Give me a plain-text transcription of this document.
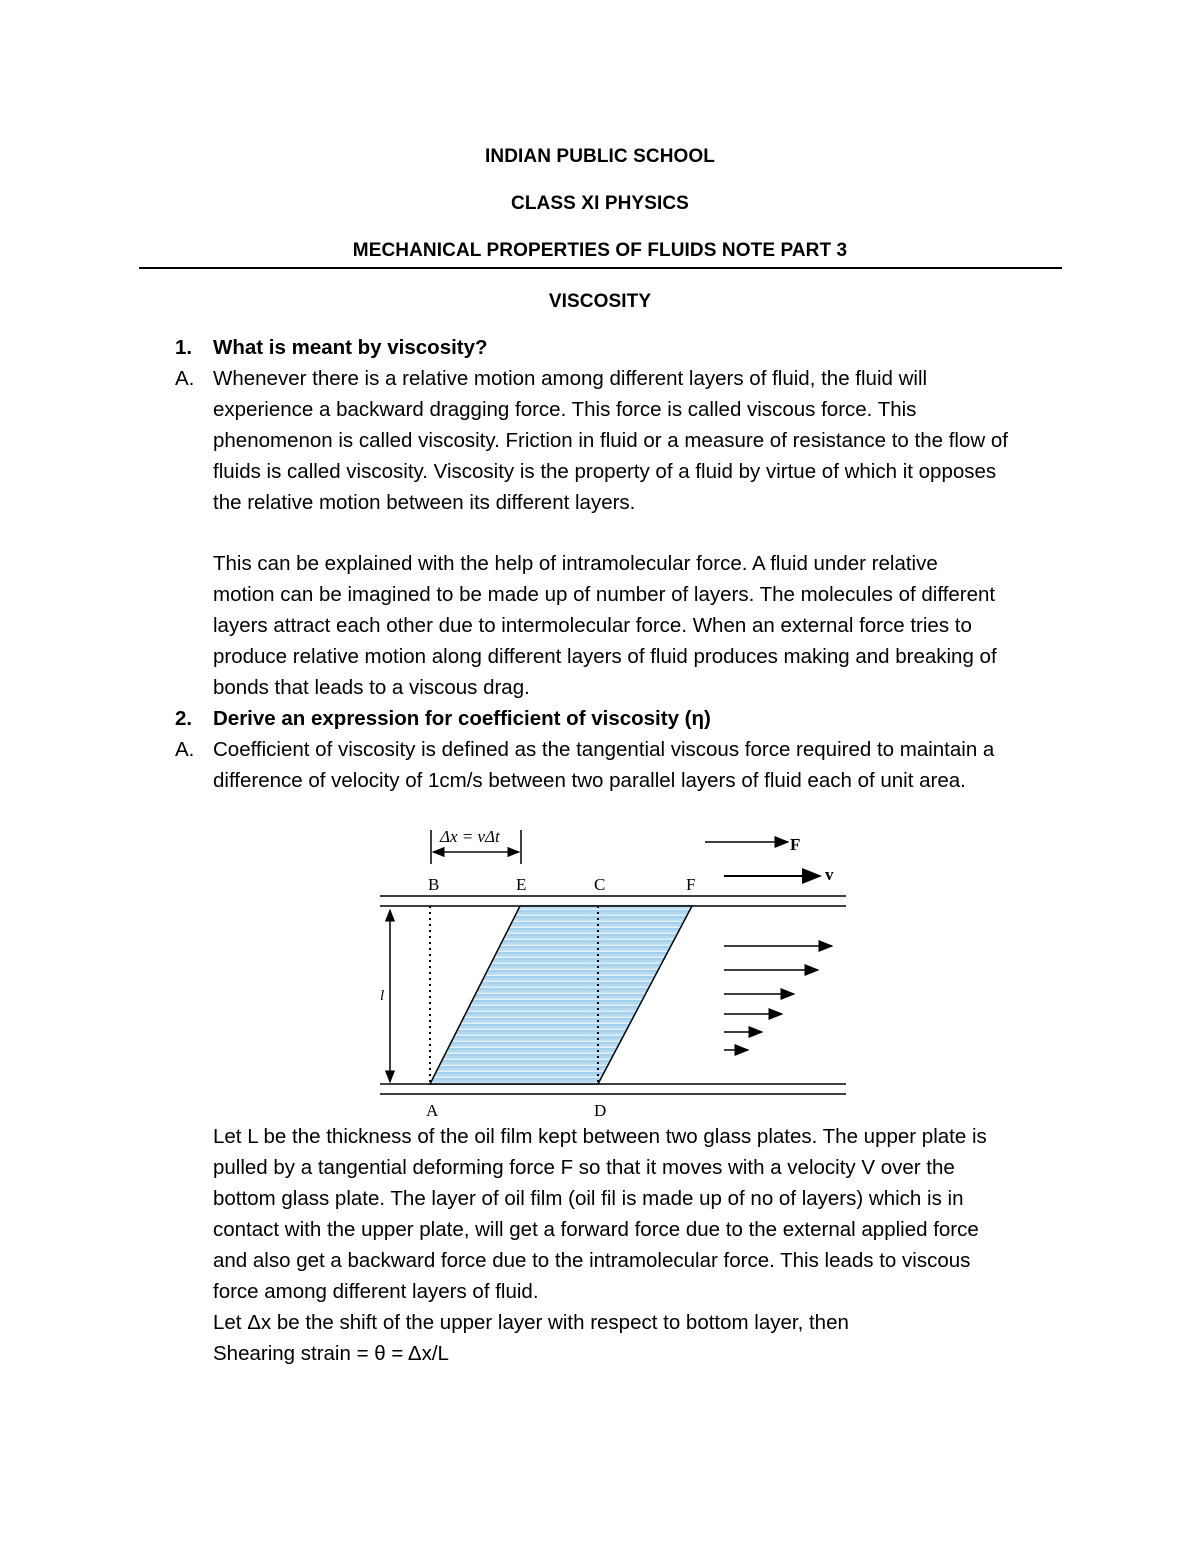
INDIAN PUBLIC SCHOOL
CLASS XI PHYSICS
MECHANICAL PROPERTIES OF FLUIDS NOTE PART 3
VISCOSITY
1. What is meant by viscosity?
A. Whenever there is a relative motion among different layers of fluid, the fluid will
experience a backward dragging force. This force is called viscous force. This
phenomenon is called viscosity. Friction in fluid or a measure of resistance to the flow of
fluids is called viscosity. Viscosity is the property of a fluid by virtue of which it opposes
the relative motion between its different layers.
This can be explained with the help of intramolecular force. A fluid under relative
motion can be imagined to be made up of number of layers. The molecules of different
layers attract each other due to intermolecular force. When an external force tries to
produce relative motion along different layers of fluid produces making and breaking of
bonds that leads to a viscous drag.
2. Derive an expression for coefficient of viscosity (η)
A. Coefficient of viscosity is defined as the tangential viscous force required to maintain a
difference of velocity of 1cm/s between two parallel layers of fluid each of unit area.
Δx = vΔt
B	E	C	F
F
v
l
A	D
Let L be the thickness of the oil film kept between two glass plates. The upper plate is
pulled by a tangential deforming force F so that it moves with a velocity V over the
bottom glass plate. The layer of oil film (oil fil is made up of no of layers) which is in
contact with the upper plate, will get a forward force due to the external applied force
and also get a backward force due to the intramolecular force. This leads to viscous
force among different layers of fluid.
Let Δx be the shift of the upper layer with respect to bottom layer, then
Shearing strain = θ = Δx/L
